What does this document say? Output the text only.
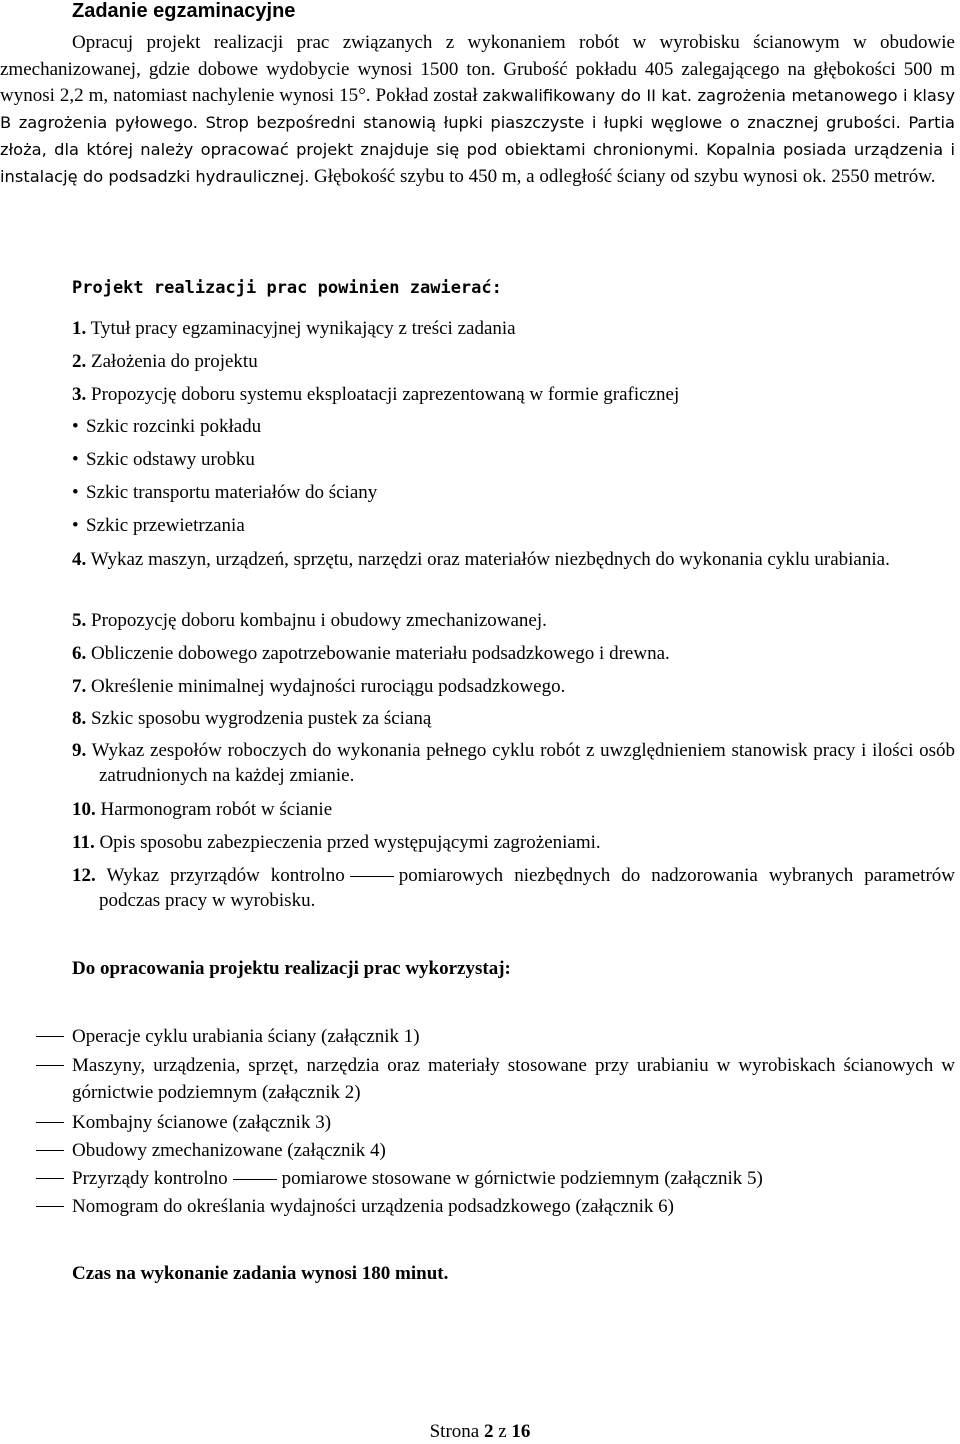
Zadanie egzaminacyjne
Opracuj projekt realizacji prac związanych z wykonaniem robót w wyrobisku ścianowym w obudowie zmechanizowanej, gdzie dobowe wydobycie wynosi 1500 ton. Grubość pokładu 405 zalegającego na głębokości 500 m wynosi 2,2 m, natomiast nachylenie wynosi 15°. Pokład został zakwalifikowany do II kat. zagrożenia metanowego i klasy B zagrożenia pyłowego. Strop bezpośredni stanowią łupki piaszczyste i łupki węglowe o znacznej grubości. Partia złoża, dla której należy opracować projekt znajduje się pod obiektami chronionymi. Kopalnia posiada urządzenia i instalację do podsadzki hydraulicznej. Głębokość szybu to 450 m, a odległość ściany od szybu wynosi ok. 2550 metrów.
Projekt realizacji prac powinien zawierać:
1. Tytuł pracy egzaminacyjnej wynikający z treści zadania
2. Założenia do projektu
3. Propozycję doboru systemu eksploatacji zaprezentowaną w formie graficznej
• Szkic rozcinki pokładu
• Szkic odstawy urobku
• Szkic transportu materiałów do ściany
• Szkic przewietrzania
4. Wykaz maszyn, urządzeń, sprzętu, narzędzi oraz materiałów niezbędnych do wykonania cyklu urabiania.
5. Propozycję doboru kombajnu i obudowy zmechanizowanej.
6. Obliczenie dobowego zapotrzebowanie materiału podsadzkowego i drewna.
7. Określenie minimalnej wydajności rurociągu podsadzkowego.
8. Szkic sposobu wygrodzenia pustek za ścianą
9. Wykaz zespołów roboczych do wykonania pełnego cyklu robót z uwzględnieniem stanowisk pracy i ilości osób zatrudnionych na każdej zmianie.
10. Harmonogram robót w ścianie
11. Opis sposobu zabezpieczenia przed występującymi zagrożeniami.
12. Wykaz przyrządów kontrolno	pomiarowych niezbędnych do nadzorowania wybranych parametrów podczas pracy w wyrobisku.
Do opracowania projektu realizacji prac wykorzystaj:
Operacje cyklu urabiania ściany (załącznik 1)
Maszyny, urządzenia, sprzęt, narzędzia oraz materiały stosowane przy urabianiu w wyrobiskach ścianowych w górnictwie podziemnym (załącznik 2)
Kombajny ścianowe (załącznik 3)
Obudowy zmechanizowane (załącznik 4)
Przyrządy kontrolno	pomiarowe stosowane w górnictwie podziemnym (załącznik 5)
Nomogram do określania wydajności urządzenia podsadzkowego (załącznik 6)
Czas na wykonanie zadania wynosi 180 minut.
Strona 2 z 16
